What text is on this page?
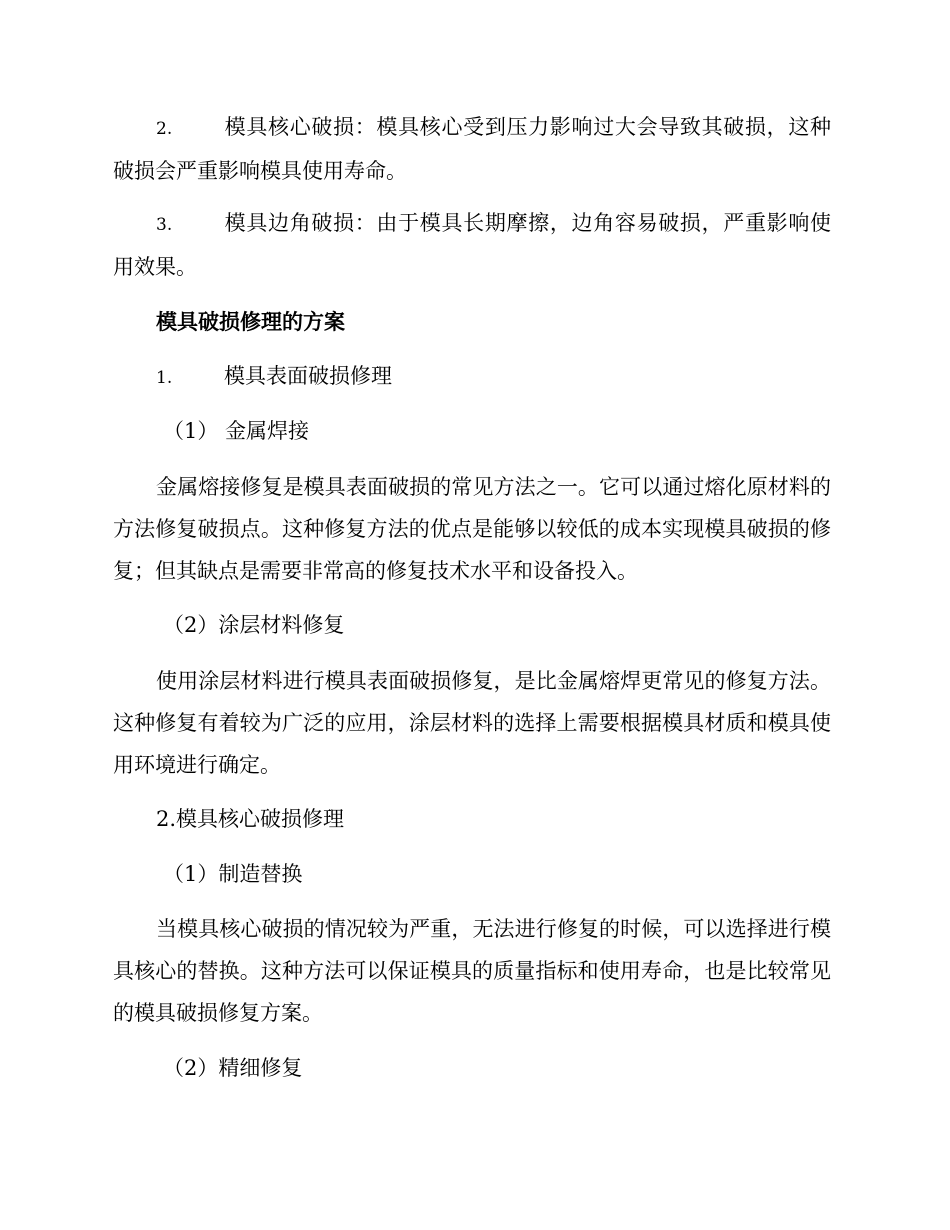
2. 模具核心破损：模具核心受到压力影响过大会导致其破损，这种破损会严重影响模具使用寿命。

3. 模具边角破损：由于模具长期摩擦，边角容易破损，严重影响使用效果。

模具破损修理的方案

1. 模具表面破损修理

（1） 金属焊接

金属熔接修复是模具表面破损的常见方法之一。它可以通过熔化原材料的方法修复破损点。这种修复方法的优点是能够以较低的成本实现模具破损的修复；但其缺点是需要非常高的修复技术水平和设备投入。

（2）涂层材料修复

使用涂层材料进行模具表面破损修复，是比金属熔焊更常见的修复方法。这种修复有着较为广泛的应用，涂层材料的选择上需要根据模具材质和模具使用环境进行确定。

2.模具核心破损修理

（1）制造替换

当模具核心破损的情况较为严重，无法进行修复的时候，可以选择进行模具核心的替换。这种方法可以保证模具的质量指标和使用寿命，也是比较常见的模具破损修复方案。

（2）精细修复
